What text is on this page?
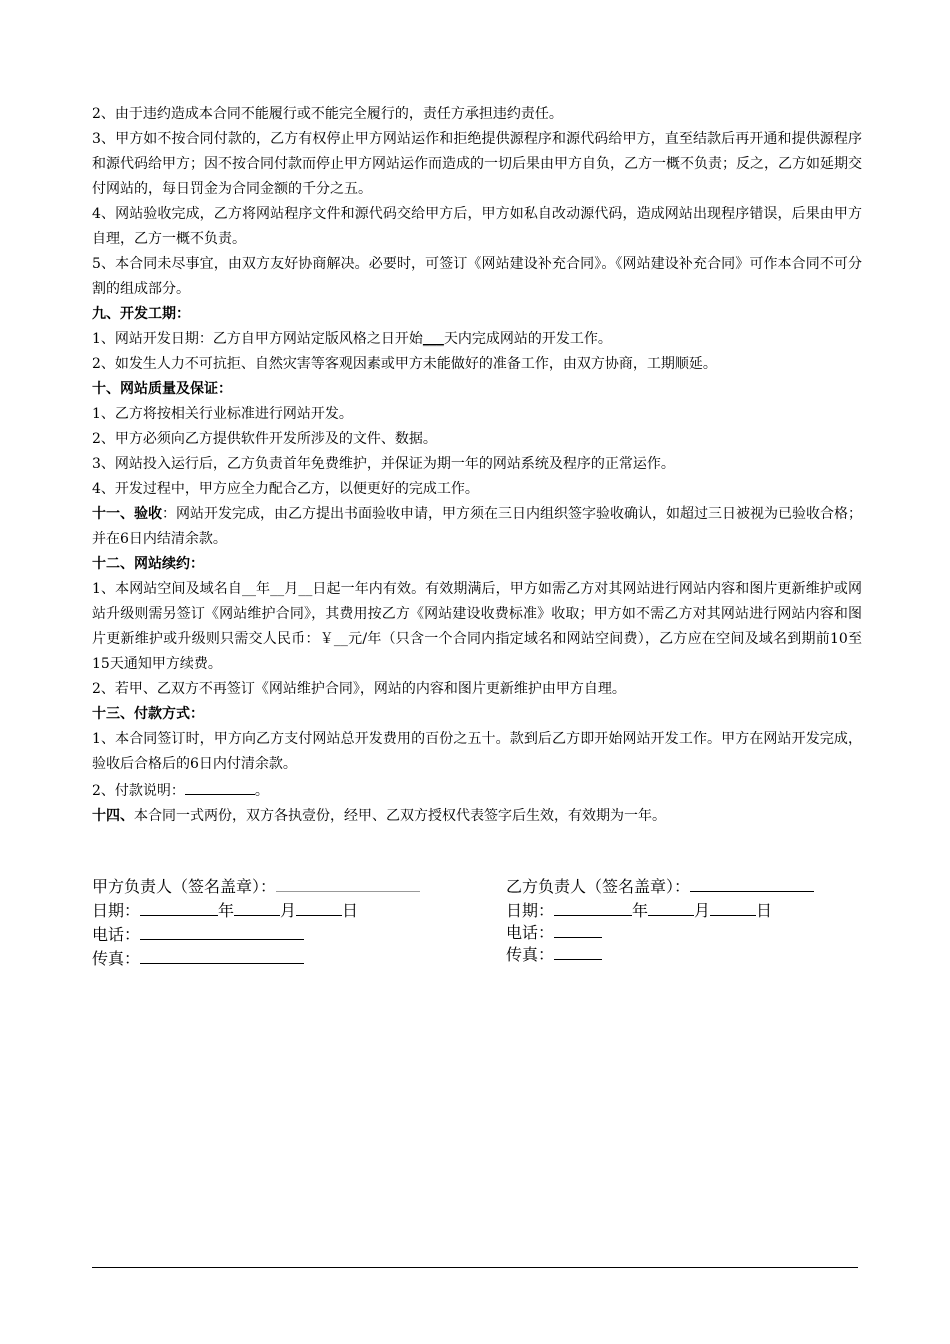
2、由于违约造成本合同不能履行或不能完全履行的，责任方承担违约责任。

3、甲方如不按合同付款的，乙方有权停止甲方网站运作和拒绝提供源程序和源代码给甲方，直至结款后再开通和提供源程序和源代码给甲方；因不按合同付款而停止甲方网站运作而造成的一切后果由甲方自负，乙方一概不负责；反之，乙方如延期交付网站的，每日罚金为合同金额的千分之五。

4、网站验收完成，乙方将网站程序文件和源代码交给甲方后，甲方如私自改动源代码，造成网站出现程序错误，后果由甲方自理，乙方一概不负责。

5、本合同未尽事宜，由双方友好协商解决。必要时，可签订《网站建设补充合同》。《网站建设补充合同》可作本合同不可分割的组成部分。

九、开发工期：

1、网站开发日期：乙方自甲方网站定版风格之日开始___天内完成网站的开发工作。

2、如发生人力不可抗拒、自然灾害等客观因素或甲方未能做好的准备工作，由双方协商，工期顺延。

十、网站质量及保证：

1、乙方将按相关行业标准进行网站开发。

2、甲方必须向乙方提供软件开发所涉及的文件、数据。

3、网站投入运行后，乙方负责首年免费维护，并保证为期一年的网站系统及程序的正常运作。

4、开发过程中，甲方应全力配合乙方，以便更好的完成工作。

十一、验收：网站开发完成，由乙方提出书面验收申请，甲方须在三日内组织签字验收确认，如超过三日被视为已验收合格；并在6日内结清余款。

十二、网站续约：

1、本网站空间及域名自__年__月__日起一年内有效。有效期满后，甲方如需乙方对其网站进行网站内容和图片更新维护或网站升级则需另签订《网站维护合同》，其费用按乙方《网站建设收费标准》收取；甲方如不需乙方对其网站进行网站内容和图片更新维护或升级则只需交人民币：￥__元/年（只含一个合同内指定域名和网站空间费），乙方应在空间及域名到期前10至15天通知甲方续费。

2、若甲、乙双方不再签订《网站维护合同》，网站的内容和图片更新维护由甲方自理。

十三、付款方式：

1、本合同签订时，甲方向乙方支付网站总开发费用的百份之五十。款到后乙方即开始网站开发工作。甲方在网站开发完成，验收后合格后的6日内付清余款。

2、付款说明：	。

十四、本合同一式两份，双方各执壹份，经甲、乙双方授权代表签字后生效，有效期为一年。

甲方负责人（签名盖章）：
日期：	年	月	日
电话：
传真：
乙方负责人（签名盖章）：
日期：	年	月	日
电话：
传真：
